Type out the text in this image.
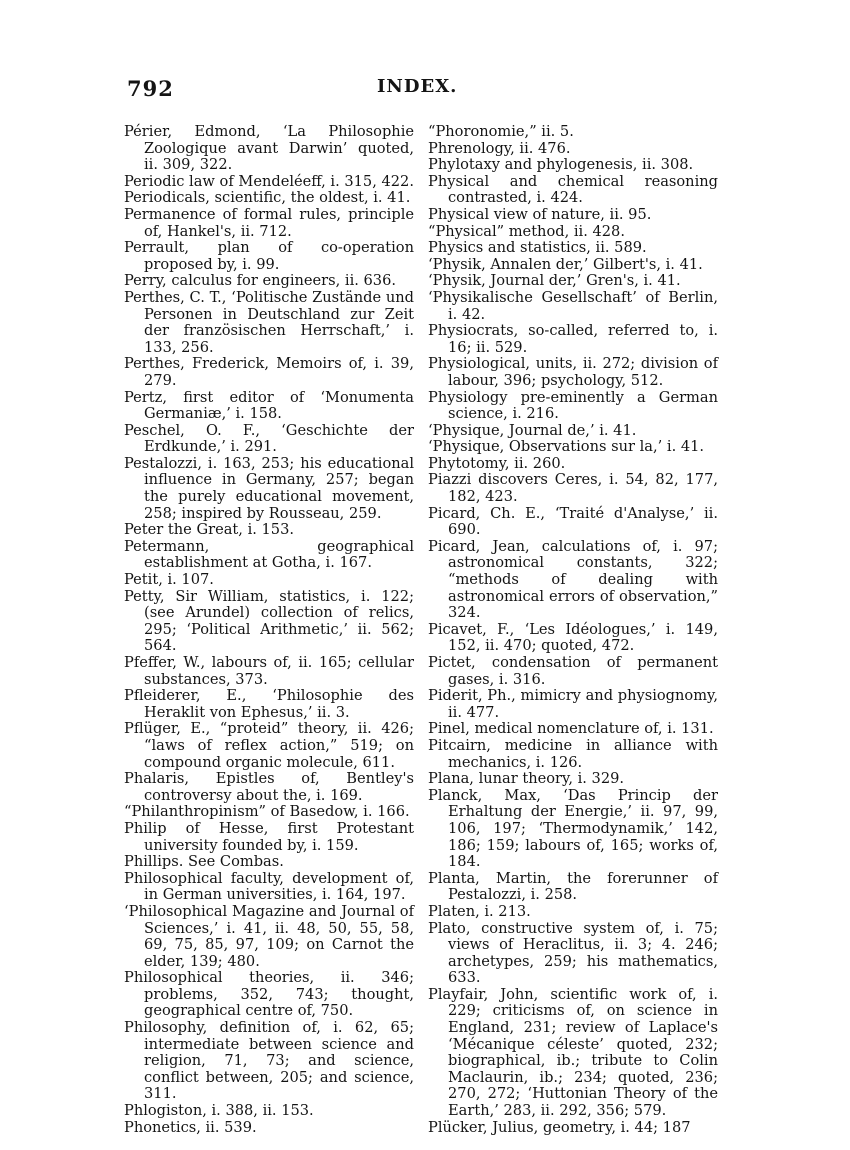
792	INDEX.

Périer, Edmond, ‘La Philosophie Zoologique avant Darwin’ quoted, ii. 309, 322.

Periodic law of Mendeléeff, i. 315, 422.

Periodicals, scientific, the oldest, i. 41.

Permanence of formal rules, principle of, Hankel's, ii. 712.

Perrault, plan of co-operation proposed by, i. 99.

Perry, calculus for engineers, ii. 636.

Perthes, C. T., ‘Politische Zustände und Personen in Deutschland zur Zeit der französischen Herrschaft,’ i. 133, 256.

Perthes, Frederick, Memoirs of, i. 39, 279.

Pertz, first editor of ‘Monumenta Germaniæ,’ i. 158.

Peschel, O. F., ‘Geschichte der Erdkunde,’ i. 291.

Pestalozzi, i. 163, 253; his educational influence in Germany, 257; began the purely educational movement, 258; inspired by Rousseau, 259.

Peter the Great, i. 153.

Petermann, geographical establishment at Gotha, i. 167.

Petit, i. 107.

Petty, Sir William, statistics, i. 122; (see Arundel) collection of relics, 295; ‘Political Arithmetic,’ ii. 562; 564.

Pfeffer, W., labours of, ii. 165; cellular substances, 373.

Pfleiderer, E., ‘Philosophie des Heraklit von Ephesus,’ ii. 3.

Pflüger, E., “proteid” theory, ii. 426; “laws of reflex action,” 519; on compound organic molecule, 611.

Phalaris, Epistles of, Bentley's controversy about the, i. 169.

“Philanthropinism” of Basedow, i. 166.

Philip of Hesse, first Protestant university founded by, i. 159.

Phillips. See Combas.

Philosophical faculty, development of, in German universities, i. 164, 197.

‘Philosophical Magazine and Journal of Sciences,’ i. 41, ii. 48, 50, 55, 58, 69, 75, 85, 97, 109; on Carnot the elder, 139; 480.

Philosophical theories, ii. 346; problems, 352, 743; thought, geographical centre of, 750.

Philosophy, definition of, i. 62, 65; intermediate between science and religion, 71, 73; and science, conflict between, 205; and science, 311.

Phlogiston, i. 388, ii. 153.

Phonetics, ii. 539.

“Phoronomie,” ii. 5.

Phrenology, ii. 476.

Phylotaxy and phylogenesis, ii. 308.

Physical and chemical reasoning contrasted, i. 424.

Physical view of nature, ii. 95.

“Physical” method, ii. 428.

Physics and statistics, ii. 589.

‘Physik, Annalen der,’ Gilbert's, i. 41.

‘Physik, Journal der,’ Gren's, i. 41.

‘Physikalische Gesellschaft’ of Berlin, i. 42.

Physiocrats, so-called, referred to, i. 16; ii. 529.

Physiological, units, ii. 272; division of labour, 396; psychology, 512.

Physiology pre-eminently a German science, i. 216.

‘Physique, Journal de,’ i. 41.

‘Physique, Observations sur la,’ i. 41.

Phytotomy, ii. 260.

Piazzi discovers Ceres, i. 54, 82, 177, 182, 423.

Picard, Ch. E., ‘Traité d'Analyse,’ ii. 690.

Picard, Jean, calculations of, i. 97; astronomical constants, 322; “methods of dealing with astronomical errors of observation,” 324.

Picavet, F., ‘Les Idéologues,’ i. 149, 152, ii. 470; quoted, 472.

Pictet, condensation of permanent gases, i. 316.

Piderit, Ph., mimicry and physiognomy, ii. 477.

Pinel, medical nomenclature of, i. 131.

Pitcairn, medicine in alliance with mechanics, i. 126.

Plana, lunar theory, i. 329.

Planck, Max, ‘Das Princip der Erhaltung der Energie,’ ii. 97, 99, 106, 197; ‘Thermodynamik,’ 142, 186; 159; labours of, 165; works of, 184.

Planta, Martin, the forerunner of Pestalozzi, i. 258.

Platen, i. 213.

Plato, constructive system of, i. 75; views of Heraclitus, ii. 3; 4. 246; archetypes, 259; his mathematics, 633.

Playfair, John, scientific work of, i. 229; criticisms of, on science in England, 231; review of Laplace's ‘Mécanique céleste’ quoted, 232; biographical, ib.; tribute to Colin Maclaurin, ib.; 234; quoted, 236; 270, 272; ‘Huttonian Theory of the Earth,’ 283, ii. 292, 356; 579.

Plücker, Julius, geometry, i. 44; 187
